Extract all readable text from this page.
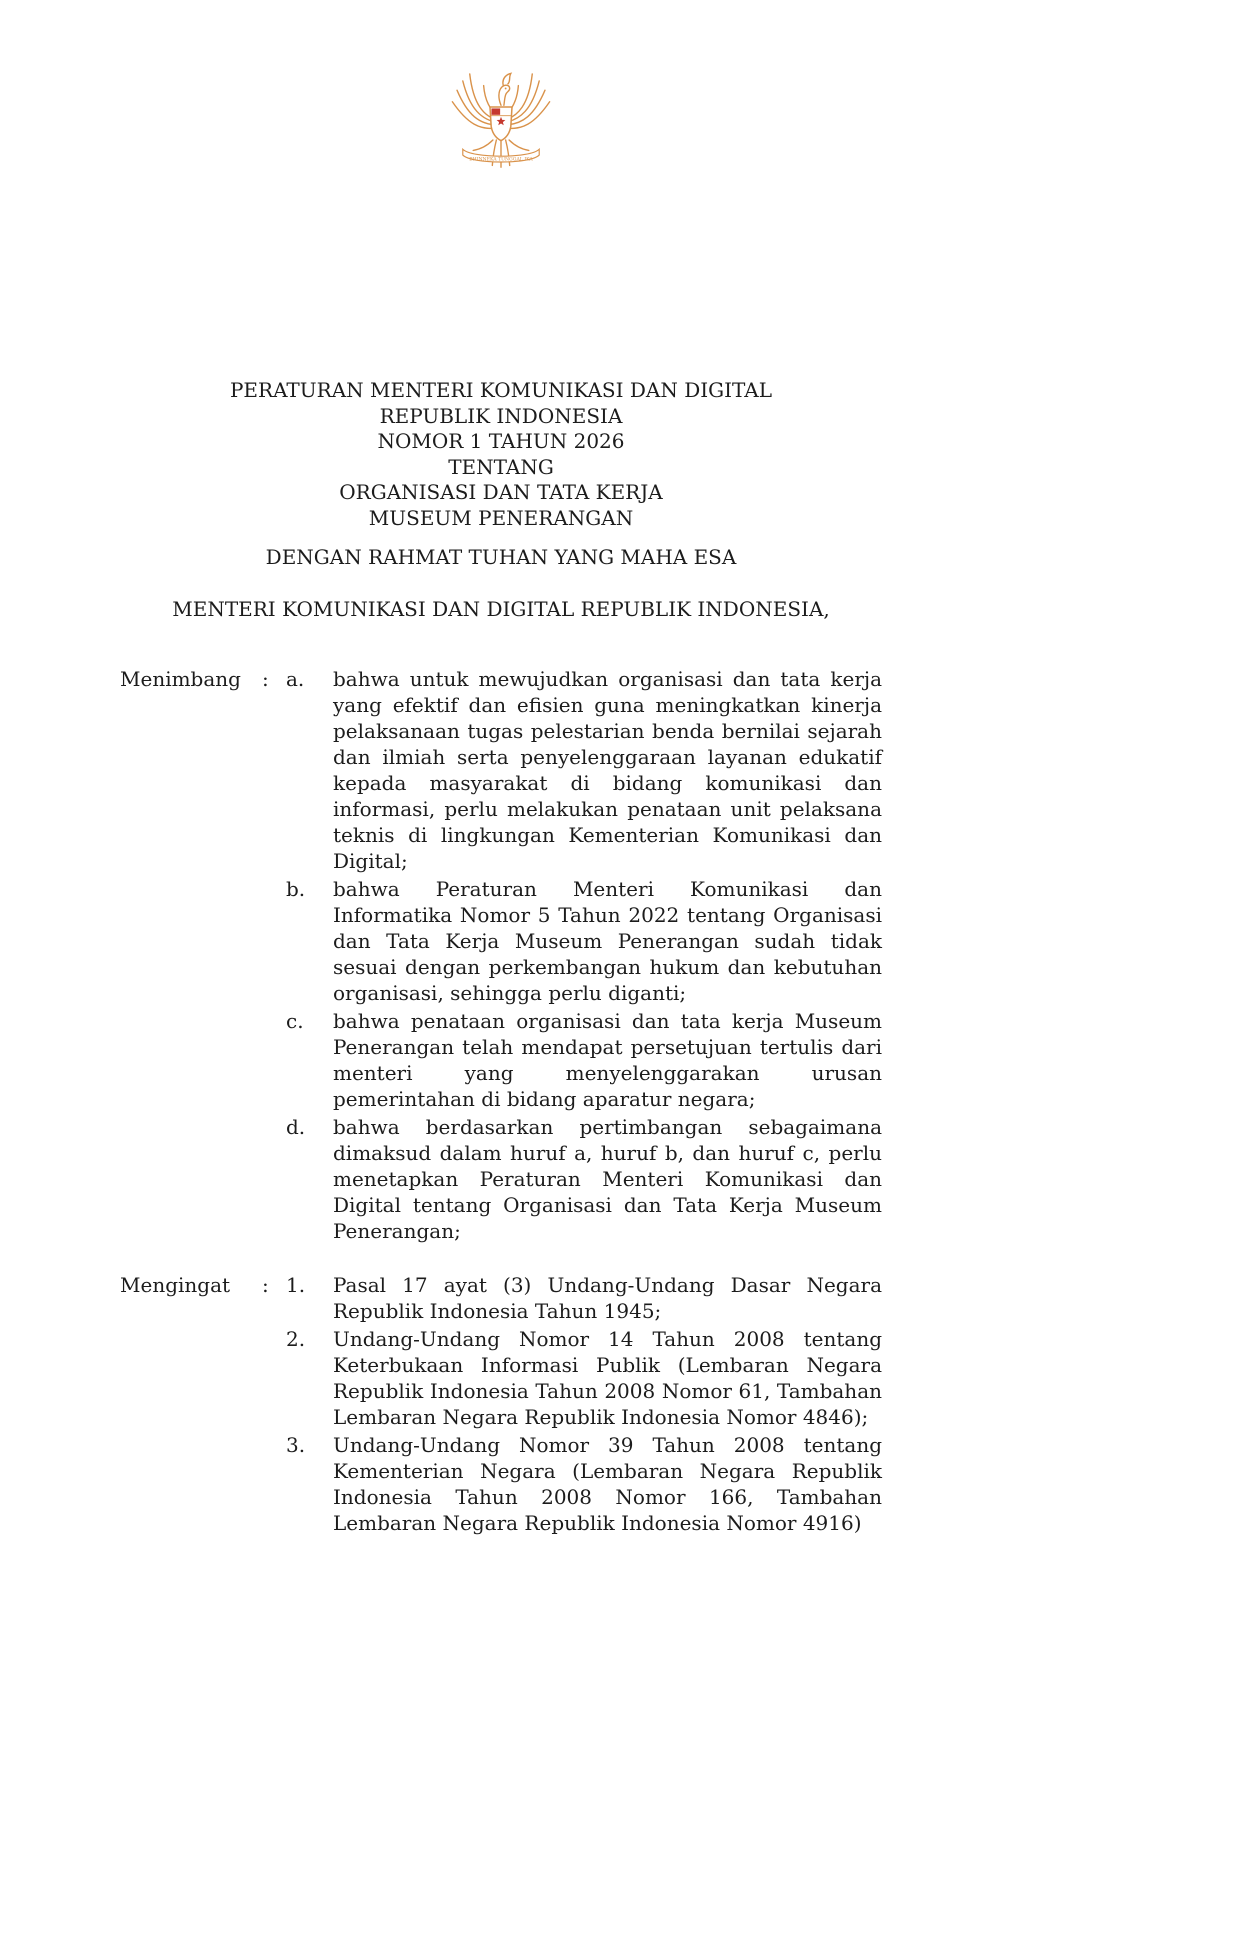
BHINNEKA TUNGGAL IKA
PERATURAN MENTERI KOMUNIKASI DAN DIGITAL
REPUBLIK INDONESIA
NOMOR 1 TAHUN 2026
TENTANG
ORGANISASI DAN TATA KERJA
MUSEUM PENERANGAN
DENGAN RAHMAT TUHAN YANG MAHA ESA
MENTERI KOMUNIKASI DAN DIGITAL REPUBLIK INDONESIA,
Menimbang	: a.	bahwa untuk mewujudkan organisasi dan tata kerja yang efektif dan efisien guna meningkatkan kinerja pelaksanaan tugas pelestarian benda bernilai sejarah dan ilmiah serta penyelenggaraan layanan edukatif kepada masyarakat di bidang komunikasi dan informasi, perlu melakukan penataan unit pelaksana teknis di lingkungan Kementerian Komunikasi dan Digital;
b.	bahwa Peraturan Menteri Komunikasi dan Informatika Nomor 5 Tahun 2022 tentang Organisasi dan Tata Kerja Museum Penerangan sudah tidak sesuai dengan perkembangan hukum dan kebutuhan organisasi, sehingga perlu diganti;
c.	bahwa penataan organisasi dan tata kerja Museum Penerangan telah mendapat persetujuan tertulis dari menteri yang menyelenggarakan urusan pemerintahan di bidang aparatur negara;
d.	bahwa berdasarkan pertimbangan sebagaimana dimaksud dalam huruf a, huruf b, dan huruf c, perlu menetapkan Peraturan Menteri Komunikasi dan Digital tentang Organisasi dan Tata Kerja Museum Penerangan;
Mengingat	: 1.	Pasal 17 ayat (3) Undang-Undang Dasar Negara Republik Indonesia Tahun 1945;
2.	Undang-Undang Nomor 14 Tahun 2008 tentang Keterbukaan Informasi Publik (Lembaran Negara Republik Indonesia Tahun 2008 Nomor 61, Tambahan Lembaran Negara Republik Indonesia Nomor 4846);
3.	Undang-Undang Nomor 39 Tahun 2008 tentang Kementerian Negara (Lembaran Negara Republik Indonesia Tahun 2008 Nomor 166, Tambahan Lembaran Negara Republik Indonesia Nomor 4916)
